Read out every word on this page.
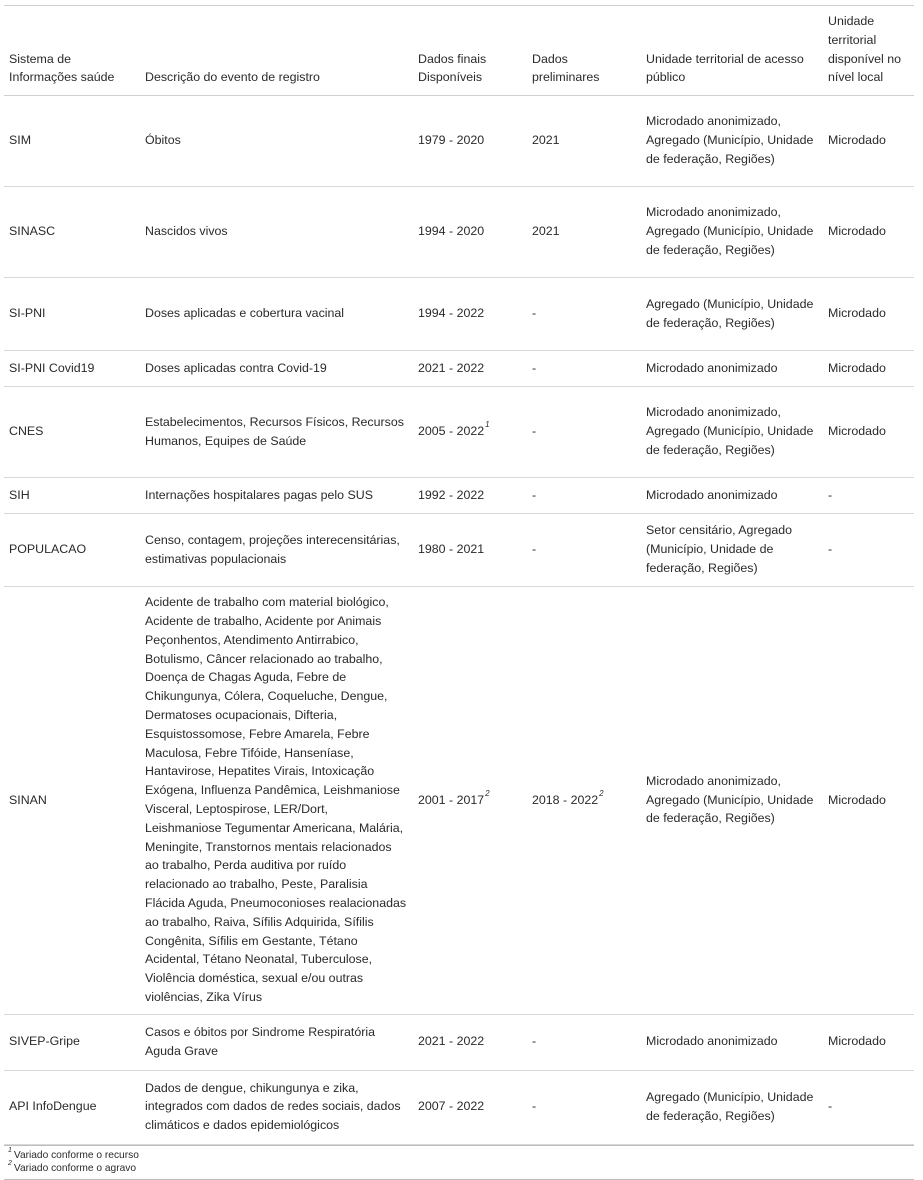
Sistema de Informações saúde	Descrição do evento de registro	Dados finais Disponíveis	Dados preliminares	Unidade territorial de acesso público	Unidade territorial disponível no nível local
SIM	Óbitos	1979 - 2020	2021	Microdado anonimizado, Agregado (Município, Unidade de federação, Regiões)	Microdado
SINASC	Nascidos vivos	1994 - 2020	2021	Microdado anonimizado, Agregado (Município, Unidade de federação, Regiões)	Microdado
SI-PNI	Doses aplicadas e cobertura vacinal	1994 - 2022	-	Agregado (Município, Unidade de federação, Regiões)	Microdado
SI-PNI Covid19	Doses aplicadas contra Covid-19	2021 - 2022	-	Microdado anonimizado	Microdado
CNES	Estabelecimentos, Recursos Físicos, Recursos Humanos, Equipes de Saúde	2005 - 2022$^1$	-	Microdado anonimizado, Agregado (Município, Unidade de federação, Regiões)	Microdado
SIH	Internações hospitalares pagas pelo SUS	1992 - 2022	-	Microdado anonimizado	-
POPULACAO	Censo, contagem, projeções interecensitárias, estimativas populacionais	1980 - 2021	-	Setor censitário, Agregado (Município, Unidade de federação, Regiões)	-
SINAN	Acidente de trabalho com material biológico, Acidente de trabalho, Acidente por Animais Peçonhentos, Atendimento Antirrabico, Botulismo, Câncer relacionado ao trabalho, Doença de Chagas Aguda, Febre de Chikungunya, Cólera, Coqueluche, Dengue, Dermatoses ocupacionais, Difteria, Esquistossomose, Febre Amarela, Febre Maculosa, Febre Tifóide, Hanseníase, Hantavirose, Hepatites Virais, Intoxicação Exógena, Influenza Pandêmica, Leishmaniose Visceral, Leptospirose, LER/Dort, Leishmaniose Tegumentar Americana, Malária, Meningite, Transtornos mentais relacionados ao trabalho, Perda auditiva por ruído relacionado ao trabalho, Peste, Paralisia Flácida Aguda, Pneumoconioses realacionadas ao trabalho, Raiva, Sífilis Adquirida, Sífilis Congênita, Sífilis em Gestante, Tétano Acidental, Tétano Neonatal, Tuberculose, Violência doméstica, sexual e/ou outras violências, Zika Vírus	2001 - 2017$^2$	2018 - 2022$^2$	Microdado anonimizado, Agregado (Município, Unidade de federação, Regiões)	Microdado
SIVEP-Gripe	Casos e óbitos por Sindrome Respiratória Aguda Grave	2021 - 2022	-	Microdado anonimizado	Microdado
API InfoDengue	Dados de dengue, chikungunya e zika, integrados com dados de redes sociais, dados climáticos e dados epidemiológicos	2007 - 2022	-	Agregado (Município, Unidade de federação, Regiões)	-
$^1$ Variado conforme o recurso
$^2$ Variado conforme o agravo
